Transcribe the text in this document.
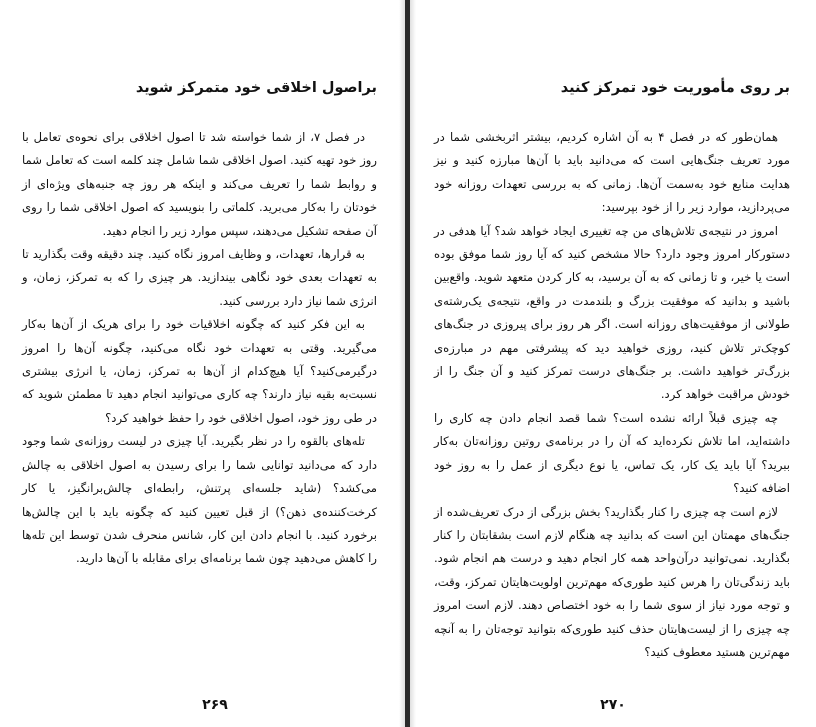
براصول اخلاقی خود متمرکز شوید

در فصل ۷، از شما خواسته شد تا اصول اخلاقی برای نحوه‌ی تعامل با روز خود تهیه کنید. اصول اخلاقی شما شامل چند کلمه است که تعامل شما و روابط شما را تعریف می‌کند و اینکه هر روز چه جنبه‌های ویژه‌ای از خودتان را به‌کار می‌برید. کلماتی را بنویسید که اصول اخلاقی شما را روی آن صفحه تشکیل می‌دهند، سپس موارد زیر را انجام دهید.

به قرارها، تعهدات، و وظایف امروز نگاه کنید. چند دقیقه وقت بگذارید تا به تعهدات بعدی خود نگاهی بیندازید. هر چیزی را که به تمرکز، زمان، و انرژی شما نیاز دارد بررسی کنید.

به این فکر کنید که چگونه اخلاقیات خود را برای هریک از آن‌ها به‌کار می‌گیرید. وقتی به تعهدات خود نگاه می‌کنید، چگونه آن‌ها را امروز درگیرمی‌کنید؟ آیا هیچ‌کدام از آن‌ها به تمرکز، زمان، یا انرژی بیشتری نسبت‌به بقیه نیاز دارند؟ چه کاری می‌توانید انجام دهید تا مطمئن شوید که در طی روز خود، اصول اخلاقی خود را حفظ خواهید کرد؟

تله‌های بالقوه را در نظر بگیرید. آیا چیزی در لیست روزانه‌ی شما وجود دارد که می‌دانید توانایی شما را برای رسیدن به اصول اخلاقی به چالش می‌کشد؟ (شاید جلسه‌ای پرتنش، رابطه‌ای چالش‌برانگیز، یا کار کرخت‌کننده‌ی ذهن؟) از قبل تعیین کنید که چگونه باید با این چالش‌ها برخورد کنید. با انجام دادن این کار، شانس منحرف شدن توسط این تله‌ها را کاهش می‌دهید چون شما برنامه‌ای برای مقابله با آن‌ها دارید.

۲۶۹
بر روی مأموریت خود تمرکز کنید

همان‌طور که در فصل ۴ به آن اشاره کردیم، بیشتر اثربخشی شما در مورد تعریف جنگ‌هایی است که می‌دانید باید با آن‌ها مبارزه کنید و نیز هدایت منابع خود به‌سمت آن‌ها. زمانی که به بررسی تعهدات روزانه خود می‌پردازید، موارد زیر را از خود بپرسید:

امروز در نتیجه‌ی تلاش‌های من چه تغییری ایجاد خواهد شد؟ آیا هدفی در دستورکار امروز وجود دارد؟ حالا مشخص کنید که آیا روز شما موفق بوده است یا خیر، و تا زمانی که به آن برسید، به کار کردن متعهد شوید. واقع‌بین باشید و بدانید که موفقیت بزرگ و بلندمدت در واقع، نتیجه‌ی یک‌رشته‌ی طولانی از موفقیت‌های روزانه است. اگر هر روز برای پیروزی در جنگ‌های کوچک‌تر تلاش کنید، روزی خواهید دید که پیشرفتی مهم در مبارزه‌ی بزرگ‌تر خواهید داشت. بر جنگ‌های درست تمرکز کنید و آن جنگ را از خودش مراقبت خواهد کرد.

چه چیزی قبلاً ارائه نشده است؟ شما قصد انجام دادن چه کاری را داشته‌اید، اما تلاش نکرده‌اید که آن را در برنامه‌ی روتین روزانه‌تان به‌کار ببرید؟ آیا باید یک کار، یک تماس، یا نوع دیگری از عمل را به روز خود اضافه کنید؟

لازم است چه چیزی را کنار بگذارید؟ بخش بزرگی از درک تعریف‌شده از جنگ‌های مهمتان این است که بدانید چه هنگام لازم است بشقابتان را کنار بگذارید. نمی‌توانید درآن‌واحد همه کار انجام دهید و درست هم انجام شود. باید زندگی‌تان را هرس کنید طوری‌که مهم‌ترین اولویت‌هایتان تمرکز، وقت، و توجه مورد نیاز از سوی شما را به خود اختصاص دهند. لازم است امروز چه چیزی را از لیست‌هایتان حذف کنید طوری‌که بتوانید توجه‌تان را به آنچه مهم‌ترین هستید معطوف کنید؟

۲۷۰
